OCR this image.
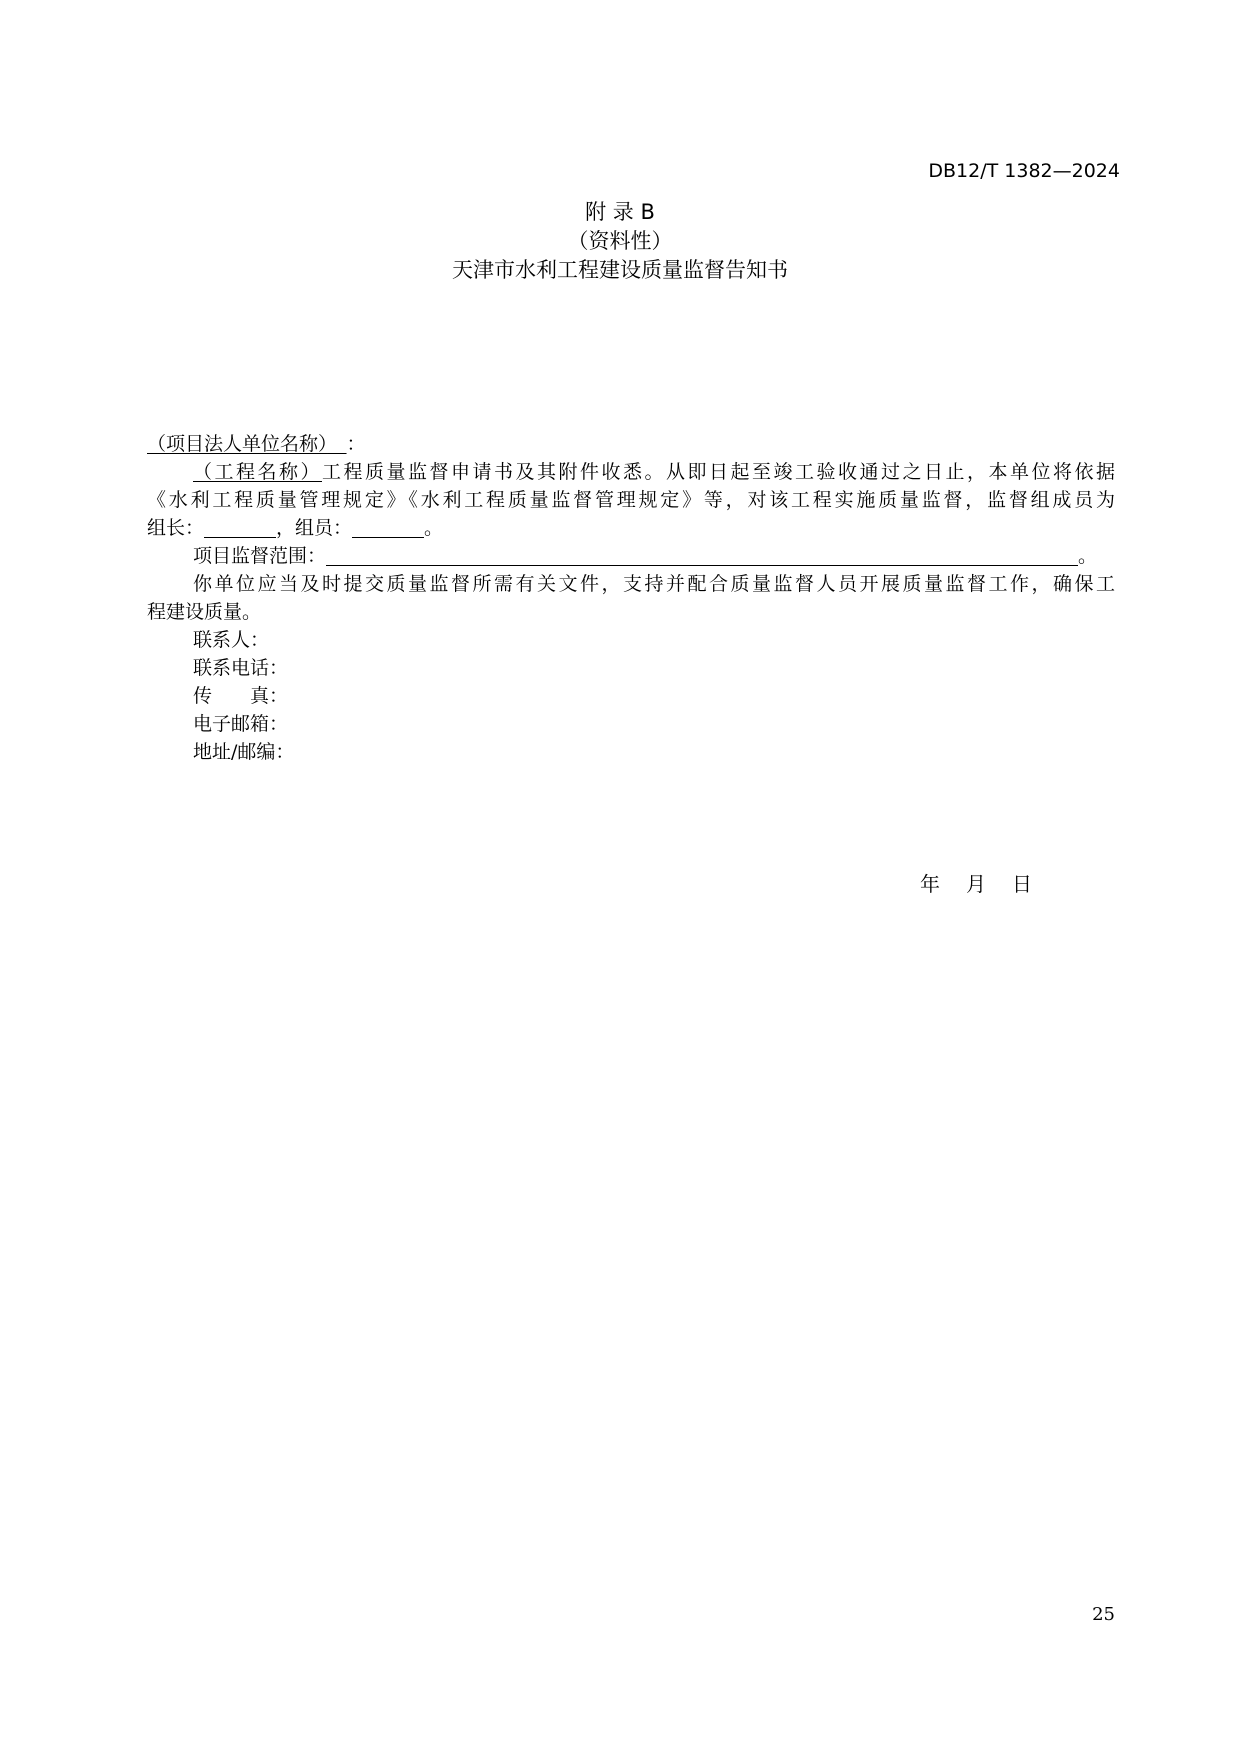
DB12/T 1382—2024
附 录 B
（资料性）
天津市水利工程建设质量监督告知书
（项目法人单位名称）　 ：
（工程名称）工程质量监督申请书及其附件收悉。从即日起至竣工验收通过之日止，本单位将依据
《水利工程质量管理规定》《水利工程质量监督管理规定》等，对该工程实施质量监督，监督组成员为
组长：	，组员：	。
项目监督范围：	。
你单位应当及时提交质量监督所需有关文件，支持并配合质量监督人员开展质量监督工作，确保工
程建设质量。
联系人：
联系电话：
传　　真：
电子邮箱：
地址/邮编：
年 月 日
25
